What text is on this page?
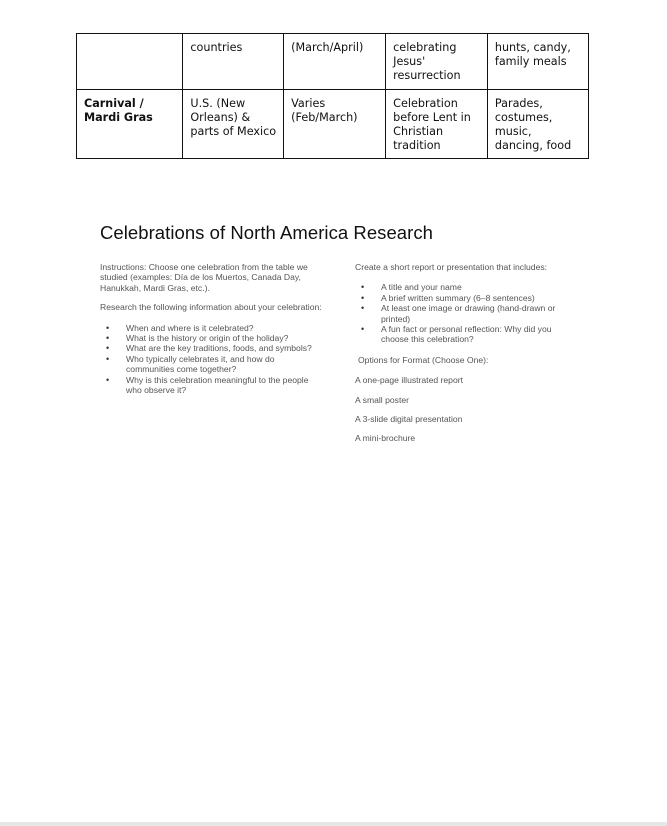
	countries	(March/April)	celebrating Jesus' resurrection	hunts, candy, family meals
Carnival / Mardi Gras	U.S. (New Orleans) & parts of Mexico	Varies (Feb/March)	Celebration before Lent in Christian tradition	Parades, costumes, music, dancing, food
Celebrations of North America Research

Instructions: Choose one celebration from the table we studied (examples: Día de los Muertos, Canada Day, Hanukkah, Mardi Gras, etc.).

Research the following information about your celebration:

• When and where is it celebrated?
• What is the history or origin of the holiday?
• What are the key traditions, foods, and symbols?
• Who typically celebrates it, and how do communities come together?
• Why is this celebration meaningful to the people who observe it?

Create a short report or presentation that includes:

• A title and your name
• A brief written summary (6–8 sentences)
• At least one image or drawing (hand-drawn or printed)
• A fun fact or personal reflection: Why did you choose this celebration?

Options for Format (Choose One):

A one-page illustrated report

A small poster

A 3-slide digital presentation

A mini-brochure
